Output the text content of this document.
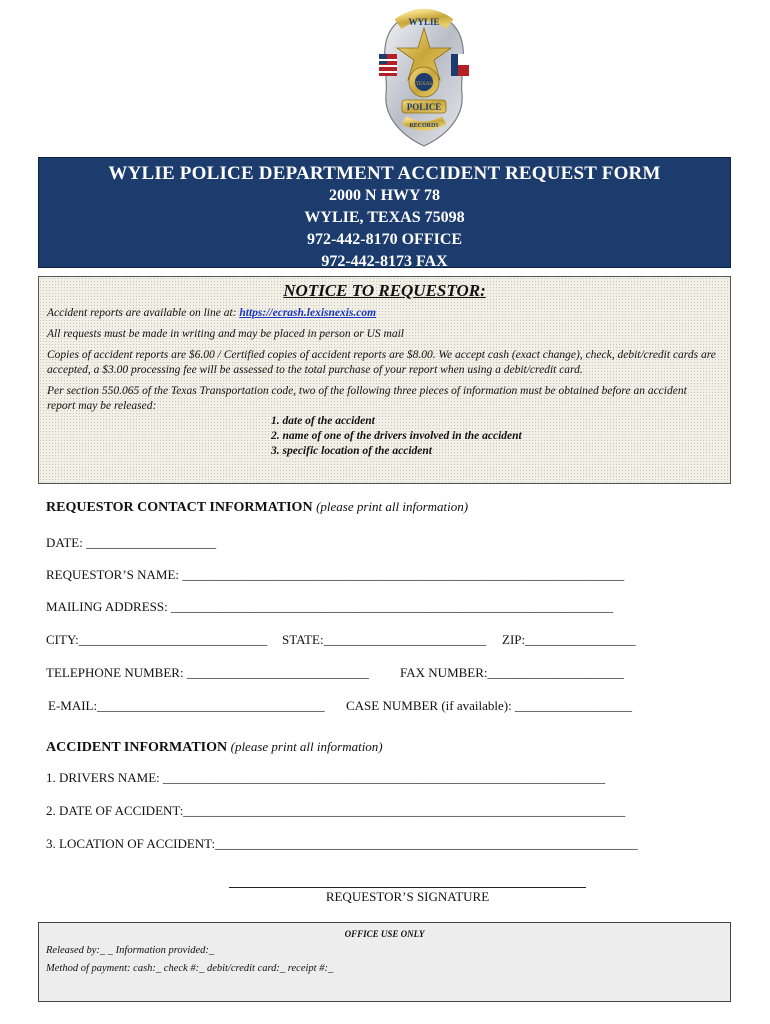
WYLIE
TEXAS
POLICE
RECORDS
WYLIE POLICE DEPARTMENT ACCIDENT REQUEST FORM
2000 N HWY 78
WYLIE, TEXAS 75098
972-442-8170 OFFICE
972-442-8173 FAX
NOTICE TO REQUESTOR:

Accident reports are available on line at: https://ecrash.lexisnexis.com

All requests must be made in writing and may be placed in person or US mail

Copies of accident reports are $6.00 / Certified copies of accident reports are $8.00. We accept cash (exact change), check, debit/credit cards are accepted, a $3.00 processing fee will be assessed to the total purchase of your report when using a debit/credit card.

Per section 550.065 of the Texas Transportation code, two of the following three pieces of information must be obtained before an accident report may be released:

1. date of the accident
2. name of one of the drivers involved in the accident
3. specific location of the accident
REQUESTOR CONTACT INFORMATION (please print all information)
DATE: ____________________
REQUESTOR’S NAME: ____________________________________________________________________
MAILING ADDRESS: ____________________________________________________________________
CITY:_____________________________ STATE:_________________________ ZIP:_________________
TELEPHONE NUMBER: ____________________________ FAX NUMBER:_____________________
E-MAIL:___________________________________ CASE NUMBER (if available): __________________
ACCIDENT INFORMATION (please print all information)
1. DRIVERS NAME: ____________________________________________________________________
2. DATE OF ACCIDENT:____________________________________________________________________
3. LOCATION OF ACCIDENT:_________________________________________________________________
REQUESTOR’S SIGNATURE
OFFICE USE ONLY
Released by:_ _ Information provided:_
Method of payment: cash:_ check #:_ debit/credit card:_ receipt #:_
